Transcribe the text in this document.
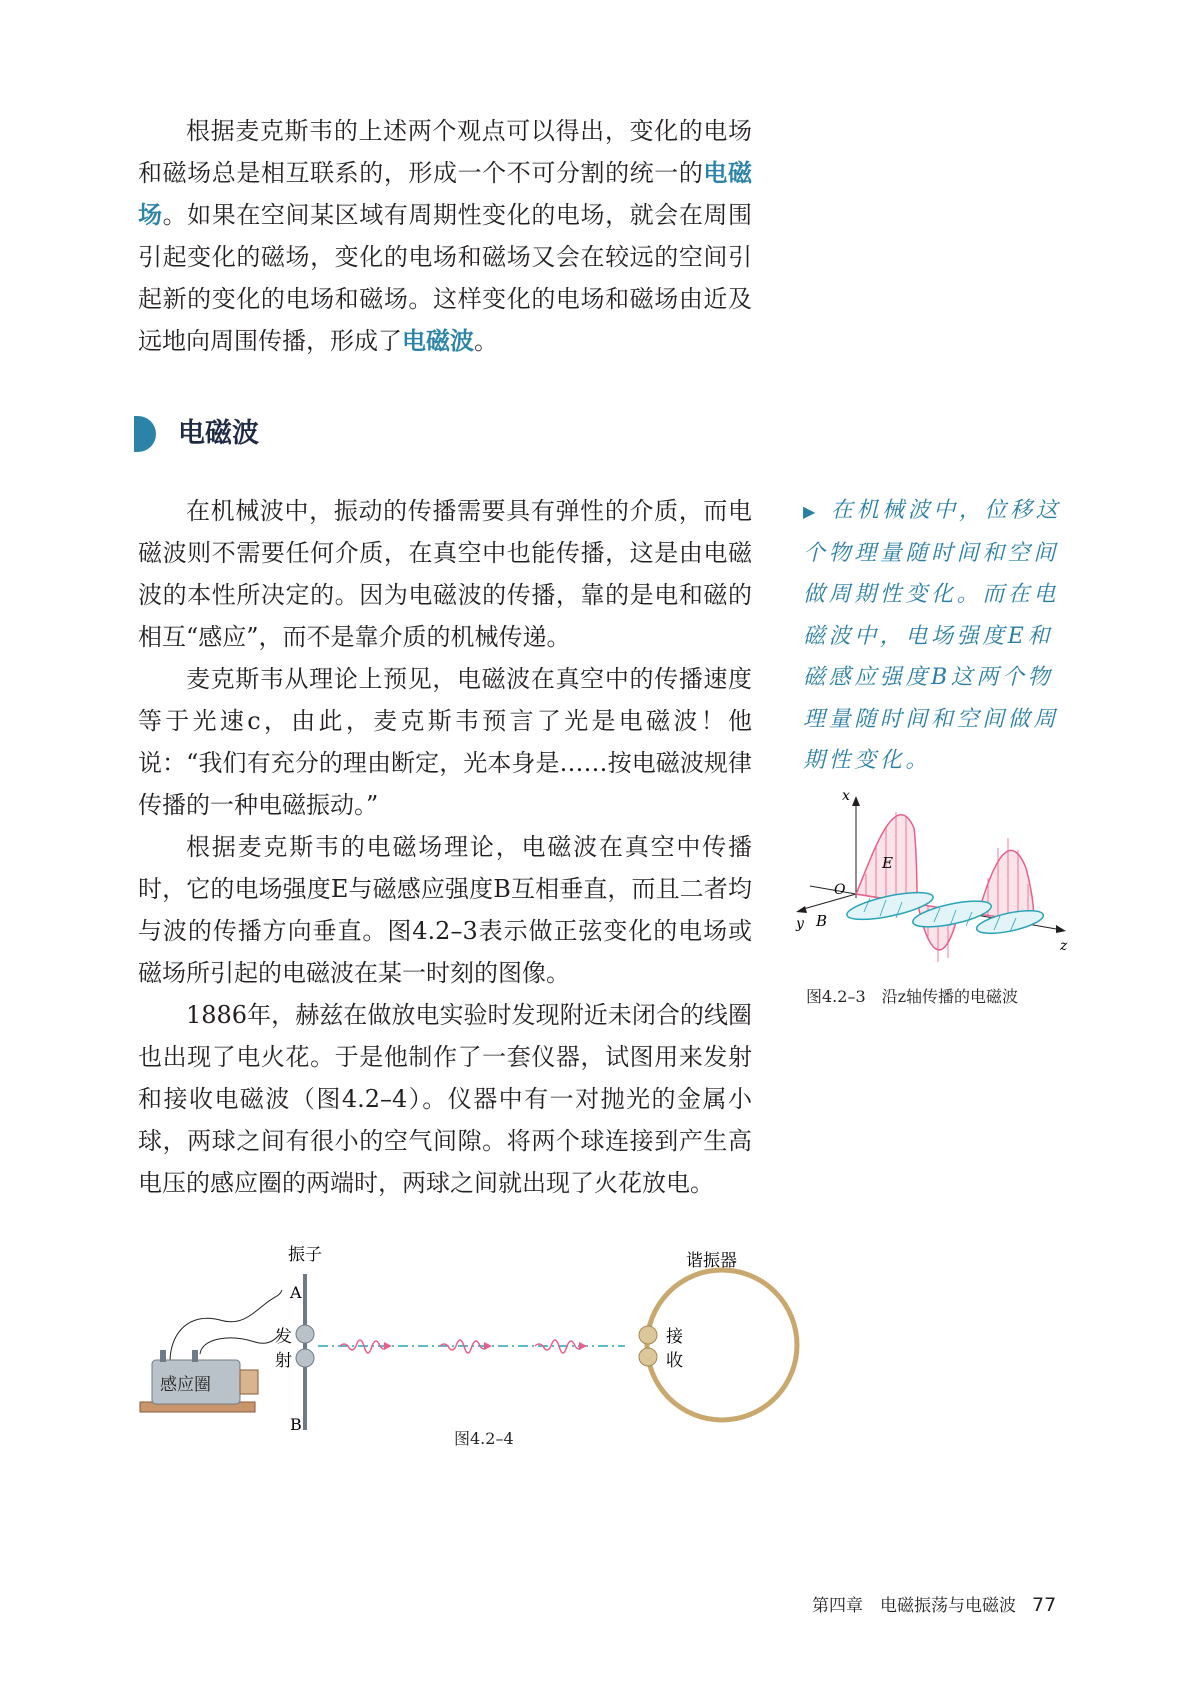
根据麦克斯韦的上述两个观点可以得出，变化的电场和磁场总是相互联系的，形成一个不可分割的统一的电磁场。如果在空间某区域有周期性变化的电场，就会在周围引起变化的磁场，变化的电场和磁场又会在较远的空间引起新的变化的电场和磁场。这样变化的电场和磁场由近及远地向周围传播，形成了电磁波。

电磁波

在机械波中，振动的传播需要具有弹性的介质，而电磁波则不需要任何介质，在真空中也能传播，这是由电磁波的本性所决定的。因为电磁波的传播，靠的是电和磁的相互“感应”，而不是靠介质的机械传递。

麦克斯韦从理论上预见，电磁波在真空中的传播速度等于光速c，由此，麦克斯韦预言了光是电磁波！他说：“我们有充分的理由断定，光本身是……按电磁波规律传播的一种电磁振动。”

根据麦克斯韦的电磁场理论，电磁波在真空中传播时，它的电场强度E与磁感应强度B互相垂直，而且二者均与波的传播方向垂直。图4.2–3表示做正弦变化的电场或磁场所引起的电磁波在某一时刻的图像。

1886年，赫兹在做放电实验时发现附近未闭合的线圈也出现了电火花。于是他制作了一套仪器，试图用来发射和接收电磁波（图4.2–4）。仪器中有一对抛光的金属小球，两球之间有很小的空气间隙。将两个球连接到产生高电压的感应圈的两端时，两球之间就出现了火花放电。

▶ 在机械波中，位移这个物理量随时间和空间做周期性变化。而在电磁波中，电场强度E和磁感应强度B这两个物理量随时间和空间做周期性变化。

x
O
E
y B
z
图4.2–3　沿z轴传播的电磁波
感应圈
振子
A
B
发
射
谐振器
接
收
图4.2–4
第四章　电磁振荡与电磁波 77
